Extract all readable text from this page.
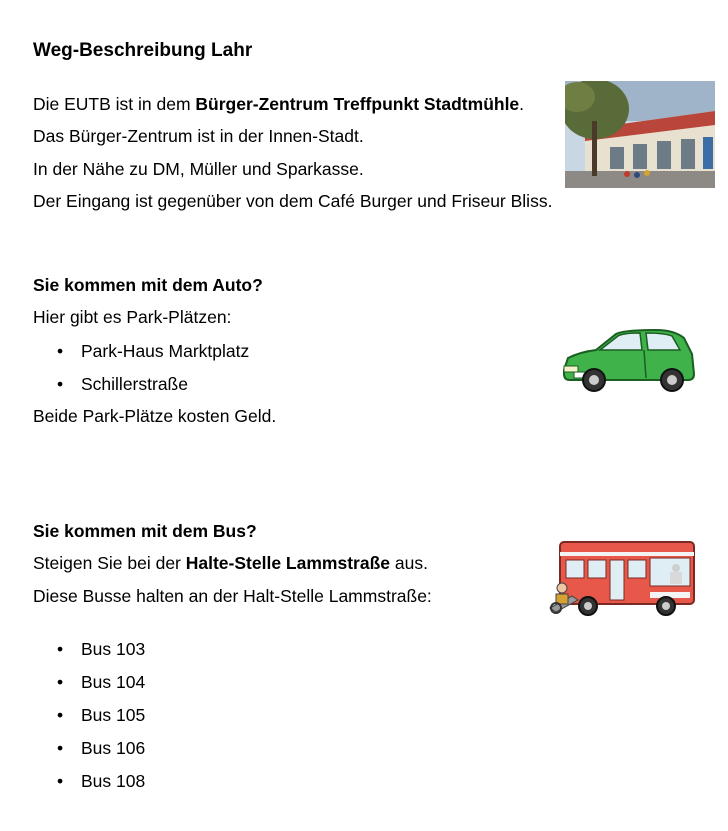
Weg-Beschreibung Lahr

Die EUTB ist in dem Bürger-Zentrum Treffpunkt Stadtmühle.

Das Bürger-Zentrum ist in der Innen-Stadt.

In der Nähe zu DM, Müller und Sparkasse.

Der Eingang ist gegenüber von dem Café Burger und Friseur Bliss.

Sie kommen mit dem Auto?

Hier gibt es Park-Plätzen:

• Park-Haus Marktplatz
• Schillerstraße

Beide Park-Plätze kosten Geld.

Sie kommen mit dem Bus?

Steigen Sie bei der Halte-Stelle Lammstraße aus.

Diese Busse halten an der Halt-Stelle Lammstraße:

• Bus 103
• Bus 104
• Bus 105
• Bus 106
• Bus 108
